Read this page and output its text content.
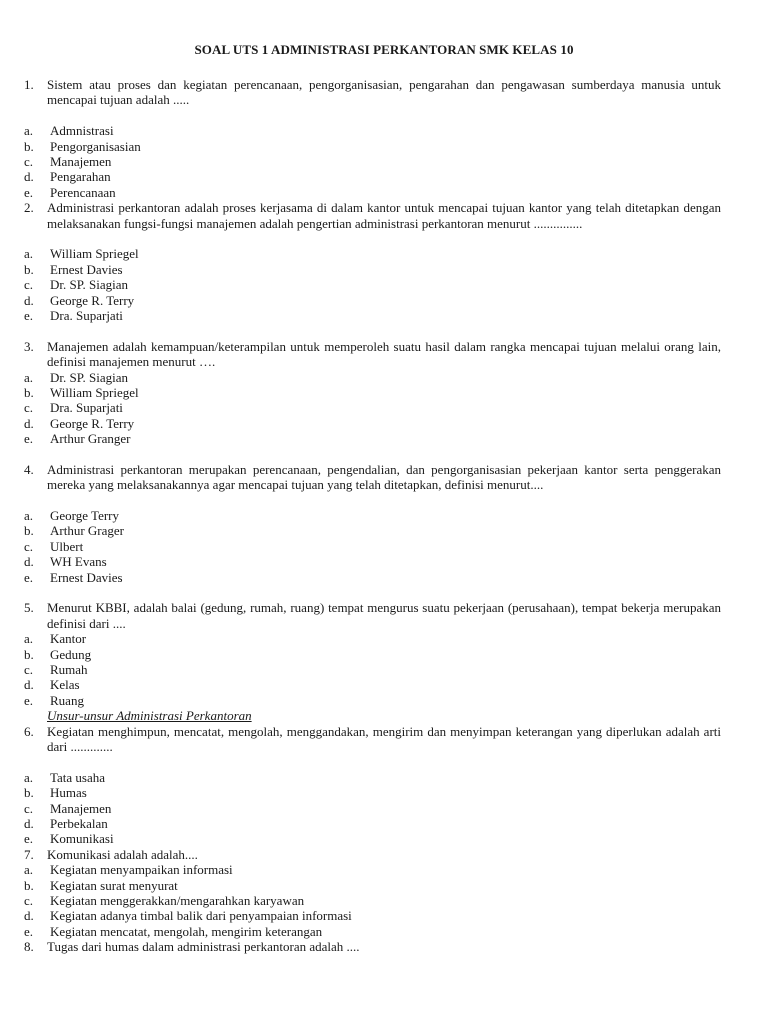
SOAL UTS 1 ADMINISTRASI PERKANTORAN SMK KELAS 10
1. Sistem atau proses dan kegiatan perencanaan, pengorganisasian, pengarahan dan pengawasan sumberdaya manusia untuk mencapai tujuan adalah .....
a. Admnistrasi
b. Pengorganisasian
c. Manajemen
d. Pengarahan
e. Perencanaan
2. Administrasi perkantoran adalah proses kerjasama di dalam kantor untuk mencapai tujuan kantor yang telah ditetapkan dengan melaksanakan fungsi-fungsi manajemen adalah pengertian administrasi perkantoran menurut ...............
a. William Spriegel
b. Ernest Davies
c. Dr. SP. Siagian
d. George R. Terry
e. Dra. Suparjati
3. Manajemen adalah kemampuan/keterampilan untuk memperoleh suatu hasil dalam rangka mencapai tujuan melalui orang lain, definisi manajemen menurut ….
a. Dr. SP. Siagian
b. William Spriegel
c. Dra. Suparjati
d. George R. Terry
e. Arthur Granger
4. Administrasi perkantoran merupakan perencanaan, pengendalian, dan pengorganisasian pekerjaan kantor serta penggerakan mereka yang melaksanakannya agar mencapai tujuan yang telah ditetapkan, definisi menurut....
a. George Terry
b. Arthur Grager
c. Ulbert
d. WH Evans
e. Ernest Davies
5. Menurut KBBI, adalah balai (gedung, rumah, ruang) tempat mengurus suatu pekerjaan (perusahaan), tempat bekerja merupakan definisi dari ....
a. Kantor
b. Gedung
c. Rumah
d. Kelas
e. Ruang
Unsur-unsur Administrasi Perkantoran
6. Kegiatan menghimpun, mencatat, mengolah, menggandakan, mengirim dan menyimpan keterangan yang diperlukan adalah arti dari .............
a. Tata usaha
b. Humas
c. Manajemen
d. Perbekalan
e. Komunikasi
7. Komunikasi adalah adalah....
a. Kegiatan menyampaikan informasi
b. Kegiatan surat menyurat
c. Kegiatan menggerakkan/mengarahkan karyawan
d. Kegiatan adanya timbal balik dari penyampaian informasi
e. Kegiatan mencatat, mengolah, mengirim keterangan
8. Tugas dari humas dalam administrasi perkantoran adalah ....
